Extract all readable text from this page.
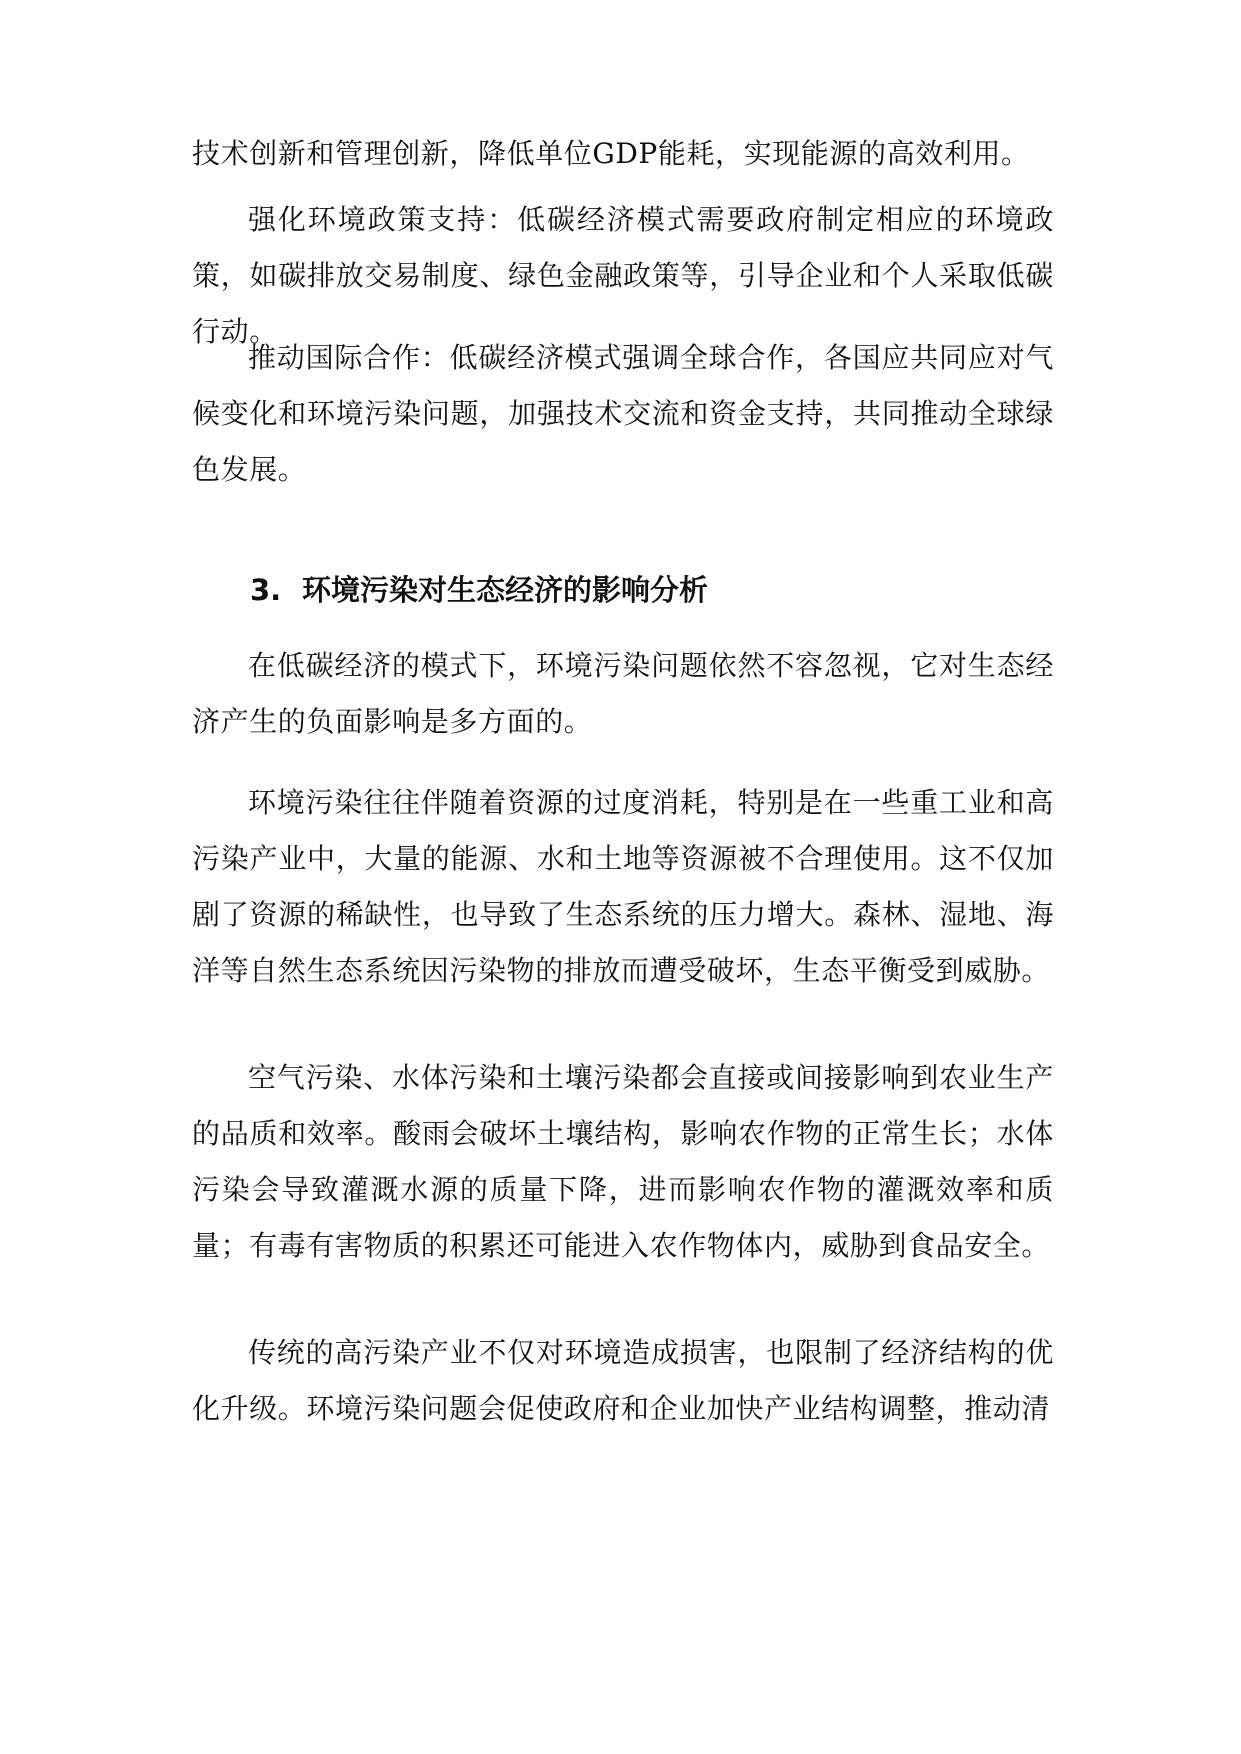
技术创新和管理创新，降低单位GDP能耗，实现能源的高效利用。

强化环境政策支持：低碳经济模式需要政府制定相应的环境政策，如碳排放交易制度、绿色金融政策等，引导企业和个人采取低碳行动。

推动国际合作：低碳经济模式强调全球合作，各国应共同应对气候变化和环境污染问题，加强技术交流和资金支持，共同推动全球绿色发展。

3. 环境污染对生态经济的影响分析

在低碳经济的模式下，环境污染问题依然不容忽视，它对生态经济产生的负面影响是多方面的。

环境污染往往伴随着资源的过度消耗，特别是在一些重工业和高污染产业中，大量的能源、水和土地等资源被不合理使用。这不仅加剧了资源的稀缺性，也导致了生态系统的压力增大。森林、湿地、海洋等自然生态系统因污染物的排放而遭受破坏，生态平衡受到威胁。

空气污染、水体污染和土壤污染都会直接或间接影响到农业生产的品质和效率。酸雨会破坏土壤结构，影响农作物的正常生长；水体污染会导致灌溉水源的质量下降，进而影响农作物的灌溉效率和质量；有毒有害物质的积累还可能进入农作物体内，威胁到食品安全。

传统的高污染产业不仅对环境造成损害，也限制了经济结构的优化升级。环境污染问题会促使政府和企业加快产业结构调整，推动清
